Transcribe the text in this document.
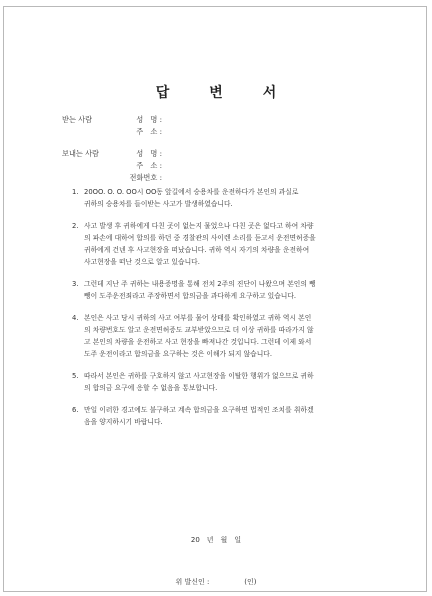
답	변	서
받는 사람	성　명 :
주　소 :
보내는 사람	성　명 :
주　소 :
전화번호 :
1. 20OO. O. O. OO시 OO동 앞길에서 승용차를 운전하다가 본인의 과실로
귀하의 승용차를 들이받는 사고가 발생하였습니다.
2. 사고 발생 후 귀하에게 다친 곳이 없는지 물었으나 다친 곳은 없다고 하여 차량
의 파손에 대하여 합의를 하던 중 경찰관의 사이렌 소리를 듣고서 운전면허증을
귀하에게 건넨 후 사고현장을 떠났습니다. 귀하 역시 자기의 차량을 운전하여
사고현장을 떠난 것으로 알고 있습니다.
3. 그런데 지난 주 귀하는 내용증명을 통해 전치 2주의 진단이 나왔으며 본인의 뺑
뺑이 도주운전죄라고 주장하면서 합의금을 과다하게 요구하고 있습니다.
4. 본인은 사고 당시 귀하의 사고 여부를 물어 상태를 확인하였고 귀하 역시 본인
의 차량번호도 알고 운전면허증도 교부받았으므로 더 이상 귀하를 따라가지 않
고 본인의 차량을 운전하고 사고 현장을 빠져나간 것입니다. 그런데 이제 와서
도주 운전이라고 합의금을 요구하는 것은 이해가 되지 않습니다.
5. 따라서 본인은 귀하를 구호하지 않고 사고현장을 이탈한 행위가 없으므로 귀하
의 합의금 요구에 응할 수 없음을 통보합니다.
6. 만일 이러한 경고에도 불구하고 계속 합의금을 요구하면 법적인 조치를 취하겠
음을 양지하시기 바랍니다.
20　년　월　일
위 발신인 :　　　　　(인)
